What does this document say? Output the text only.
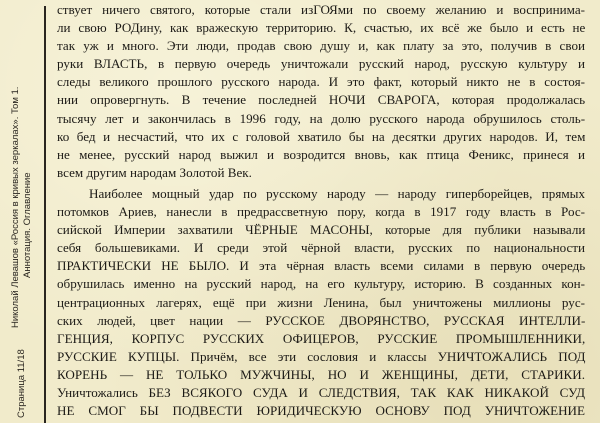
Страница 11/18
Николай Левашов «Россия в кривых зеркалах». Том 1. Аннотация. Оглавление

ствует ничего святого, которые стали изГОЯми по своему желанию и воспринима-
ли свою РОДину, как вражескую территорию. К, счастью, их всё же было и есть не
так уж и много. Эти люди, продав свою душу и, как плату за это, получив в свои
руки ВЛАСТЬ, в первую очередь уничтожали русский народ, русскую культуру и
следы великого прошлого русского народа. И это факт, который никто не в состоя-
нии опровергнуть. В течение последней НОЧИ СВАРОГА, которая продолжалась
тысячу лет и закончилась в 1996 году, на долю русского народа обрушилось столь-
ко бед и несчастий, что их с головой хватило бы на десятки других народов. И, тем
не менее, русский народ выжил и возродится вновь, как птица Феникс, принеся и
всем другим народам Золотой Век.

Наиболее мощный удар по русскому народу — народу гиперборейцев, прямых
потомков Ариев, нанесли в предрассветную пору, когда в 1917 году власть в Рос-
сийской Империи захватили ЧЁРНЫЕ МАСОНЫ, которые для публики называли
себя большевиками. И среди этой чёрной власти, русских по национальности
ПРАКТИЧЕСКИ НЕ БЫЛО. И эта чёрная власть всеми силами в первую очередь
обрушилась именно на русский народ, на его культуру, историю. В созданных кон-
центрационных лагерях, ещё при жизни Ленина, был уничтожены миллионы рус-
ских людей, цвет нации — РУССКОЕ ДВОРЯНСТВО, РУССКАЯ ИНТЕЛЛИ-
ГЕНЦИЯ, КОРПУС РУССКИХ ОФИЦЕРОВ, РУССКИЕ ПРОМЫШЛЕННИКИ,
РУССКИЕ КУПЦЫ. Причём, все эти сословия и классы УНИЧТОЖАЛИСЬ ПОД
КОРЕНЬ — НЕ ТОЛЬКО МУЖЧИНЫ, НО И ЖЕНЩИНЫ, ДЕТИ, СТАРИКИ.
Уничтожались БЕЗ ВСЯКОГО СУДА И СЛЕДСТВИЯ, ТАК КАК НИКАКОЙ СУД
НЕ СМОГ БЫ ПОДВЕСТИ ЮРИДИЧЕСКУЮ ОСНОВУ ПОД УНИЧТОЖЕНИЕ
